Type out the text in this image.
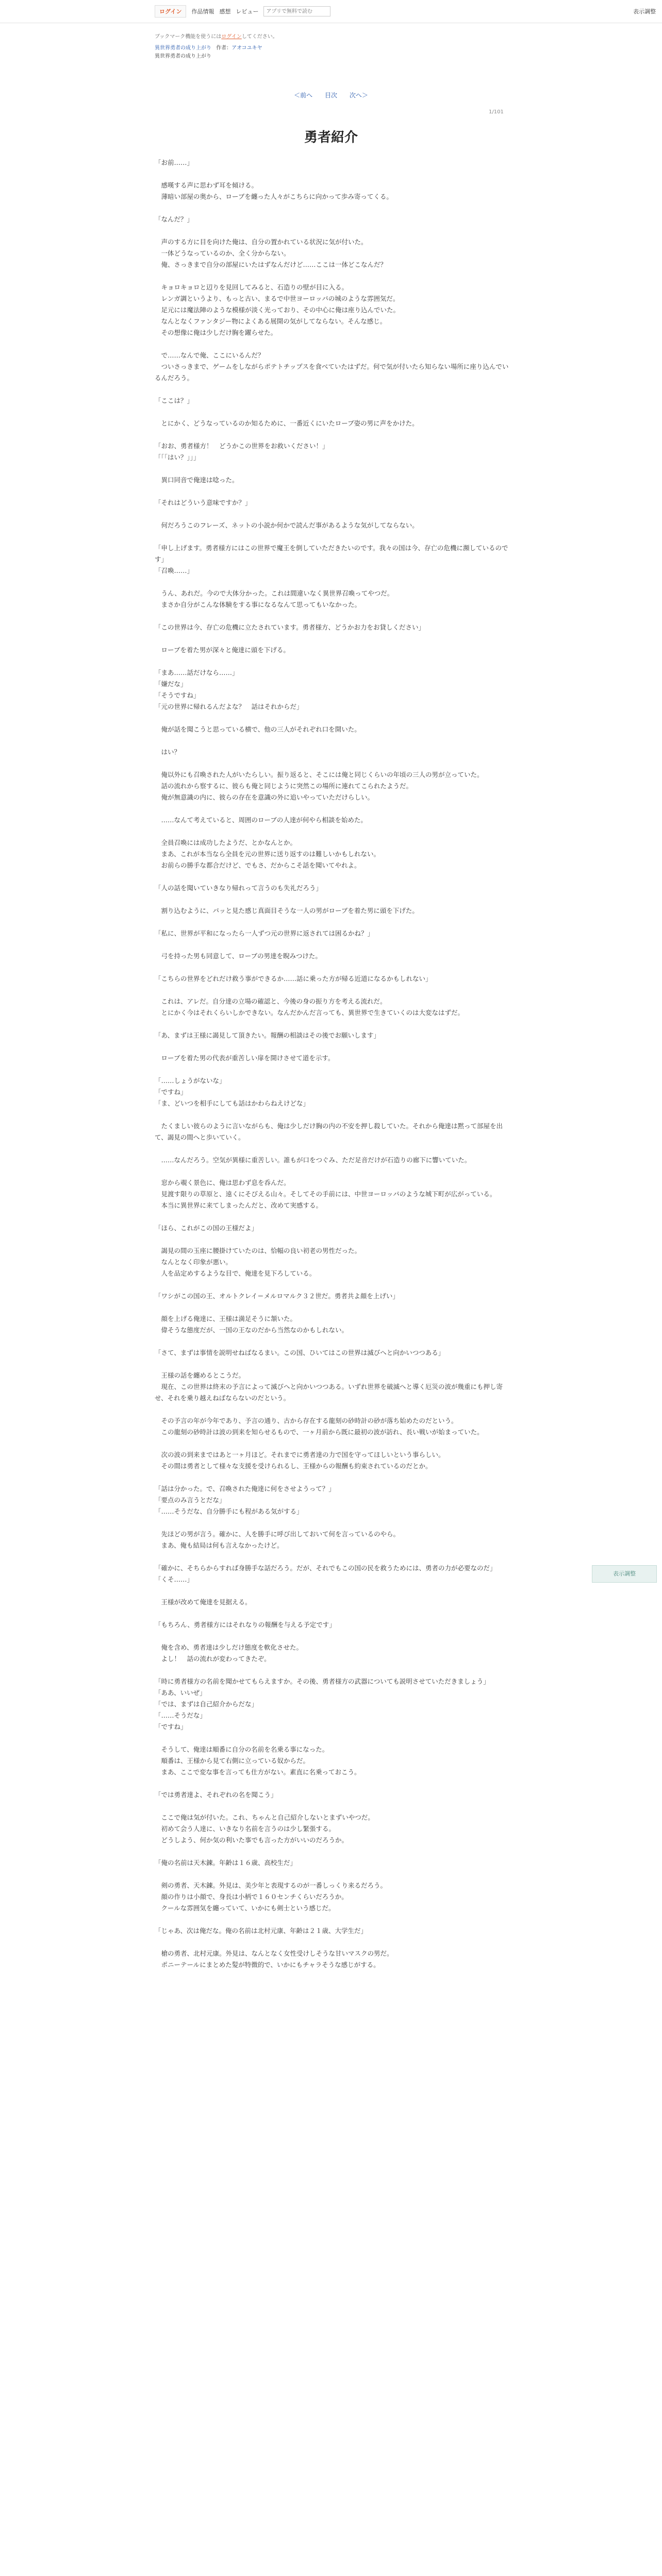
ログイン	作品情報 感想 レビュー
アプリで無料で読む	表示調整
ブックマーク機能を使うにはログインしてください。
異世界勇者の成り上がり 作者：アオコユキヤ
異世界勇者の成り上がり
＜前へ 目次 次へ＞
1/101
勇者紹介
「お前……」
　感嘆する声に思わず耳を傾ける。
　薄暗い部屋の奥から、ローブを纏った人々がこちらに向かって歩み寄ってくる。
「なんだ？」
　声のする方に目を向けた俺は、自分の置かれている状況に気が付いた。
　一体どうなっているのか、全く分からない。
　俺、さっきまで自分の部屋にいたはずなんだけど……ここは一体どこなんだ？
　キョロキョロと辺りを見回してみると、石造りの壁が目に入る。
　レンガ調というより、もっと古い、まるで中世ヨーロッパの城のような雰囲気だ。
　足元には魔法陣のような模様が淡く光っており、その中心に俺は座り込んでいた。
　なんとなくファンタジー物によくある展開の気がしてならない。そんな感じ。
　その想像に俺は少しだけ胸を躍らせた。
　で……なんで俺、ここにいるんだ？
　ついさっきまで、ゲームをしながらポテトチップスを食べていたはずだ。何で気が付いたら知らない場所に座り込んでいるんだろう。
「ここは？」
　とにかく、どうなっているのか知るために、一番近くにいたローブ姿の男に声をかけた。
「おお、勇者様方！　どうかこの世界をお救いください！」
「「「はい？」」」
　異口同音で俺達は唸った。
「それはどういう意味ですか？」
　何だろうこのフレーズ、ネットの小説か何かで読んだ事があるような気がしてならない。
「申し上げます。勇者様方にはこの世界で魔王を倒していただきたいのです。我々の国は今、存亡の危機に瀕しているのです」
「召喚……」
　うん、あれだ。今ので大体分かった。これは間違いなく異世界召喚ってやつだ。
　まさか自分がこんな体験をする事になるなんて思ってもいなかった。
「この世界は今、存亡の危機に立たされています。勇者様方、どうかお力をお貸しください」
　ローブを着た男が深々と俺達に頭を下げる。
「まあ……話だけなら……」
「嫌だな」
「そうですね」
「元の世界に帰れるんだよな？　話はそれからだ」
　俺が話を聞こうと思っている横で、他の三人がそれぞれ口を開いた。
　はい？
　俺以外にも召喚された人がいたらしい。振り返ると、そこには俺と同じくらいの年頃の三人の男が立っていた。
　話の流れから察するに、彼らも俺と同じように突然この場所に連れてこられたようだ。
　俺が無意識の内に、彼らの存在を意識の外に追いやっていただけらしい。
　……なんて考えていると、周囲のローブの人達が何やら相談を始めた。
　全員召喚には成功したようだ、とかなんとか。
　まあ、これが本当なら全員を元の世界に送り返すのは難しいかもしれない。
　お前らの勝手な都合だけど、でもさ、だからこそ話を聞いてやれよ。
「人の話を聞いていきなり帰れって言うのも失礼だろう」
　割り込むように、パッと見た感じ真面目そうな一人の男がローブを着た男に頭を下げた。
「私に、世界が平和になったら一人ずつ元の世界に返されては困るかね？」
　弓を持った男も同意して、ローブの男達を睨みつけた。
「こちらの世界をどれだけ救う事ができるか……話に乗った方が帰る近道になるかもしれない」
　これは、アレだ。自分達の立場の確認と、今後の身の振り方を考える流れだ。
　とにかく今はそれくらいしかできない。なんだかんだ言っても、異世界で生きていくのは大変なはずだ。
「あ、まずは王様に謁見して頂きたい。報酬の相談はその後でお願いします」
　ローブを着た男の代表が重苦しい扉を開けさせて道を示す。
「……しょうがないな」
「ですね」
「ま、どいつを相手にしても話はかわらねえけどな」
　たくましい彼らのように言いながらも、俺は少しだけ胸の内の不安を押し殺していた。それから俺達は黙って部屋を出て、謁見の間へと歩いていく。
　……なんだろう。空気が異様に重苦しい。誰もが口をつぐみ、ただ足音だけが石造りの廊下に響いていた。
　窓から覗く景色に、俺は思わず息を呑んだ。
　見渡す限りの草原と、遠くにそびえる山々。そしてその手前には、中世ヨーロッパのような城下町が広がっている。
　本当に異世界に来てしまったんだと、改めて実感する。
「ほら、これがこの国の王様だよ」
　謁見の間の玉座に腰掛けていたのは、恰幅の良い初老の男性だった。
　なんとなく印象が悪い。
　人を品定めするような目で、俺達を見下ろしている。
「ワシがこの国の王、オルトクレイ＝メルロマルク３２世だ。勇者共よ顔を上げい」
　顔を上げる俺達に、王様は満足そうに頷いた。
　偉そうな態度だが、一国の王なのだから当然なのかもしれない。
「さて、まずは事情を説明せねばなるまい。この国、ひいてはこの世界は滅びへと向かいつつある」
　王様の話を纏めるとこうだ。
　現在、この世界は終末の予言によって滅びへと向かいつつある。いずれ世界を破滅へと導く厄災の波が幾重にも押し寄せ、それを乗り越えねばならないのだという。
　その予言の年が今年であり、予言の通り、古から存在する龍刻の砂時計の砂が落ち始めたのだという。
　この龍刻の砂時計は波の到来を知らせるもので、一ヶ月前から既に最初の波が訪れ、長い戦いが始まっていた。
　次の波の到来まではあと一ヶ月ほど。それまでに勇者達の力で国を守ってほしいという事らしい。
　その間は勇者として様々な支援を受けられるし、王様からの報酬も約束されているのだとか。
「話は分かった。で、召喚された俺達に何をさせようって？」
「要点のみ言うとだな」
「……そうだな、自分勝手にも程がある気がする」
　先ほどの男が言う。確かに、人を勝手に呼び出しておいて何を言っているのやら。
　まあ、俺も結局は何も言えなかったけど。
「確かに、そちらからすれば身勝手な話だろう。だが、それでもこの国の民を救うためには、勇者の力が必要なのだ」
「くそ……」
　王様が改めて俺達を見据える。
「もちろん、勇者様方にはそれなりの報酬を与える予定です」
　俺を含め、勇者達は少しだけ態度を軟化させた。
　よし！　話の流れが変わってきたぞ。
「時に勇者様方の名前を聞かせてもらえますか。その後、勇者様方の武器についても説明させていただきましょう」
「ああ、いいぜ」
「では、まずは自己紹介からだな」
「……そうだな」
「ですね」
　そうして、俺達は順番に自分の名前を名乗る事になった。
　順番は、王様から見て右側に立っている奴からだ。
　まあ、ここで変な事を言っても仕方がない。素直に名乗っておこう。
「では勇者達よ、それぞれの名を聞こう」
　ここで俺は気が付いた。これ、ちゃんと自己紹介しないとまずいやつだ。
　初めて会う人達に、いきなり名前を言うのは少し緊張する。
　どうしよう、何か気の利いた事でも言った方がいいのだろうか。
「俺の名前は天木錬。年齢は１６歳、高校生だ」
　剣の勇者、天木錬。外見は、美少年と表現するのが一番しっくり来るだろう。
　顔の作りは小顔で、身長は小柄で１６０センチくらいだろうか。
　クールな雰囲気を纏っていて、いかにも剣士という感じだ。
「じゃあ、次は俺だな。俺の名前は北村元康、年齢は２１歳、大学生だ」
　槍の勇者、北村元康。外見は、なんとなく女性受けしそうな甘いマスクの男だ。
　ポニーテールにまとめた髪が特徴的で、いかにもチャラそうな感じがする。
表示調整
